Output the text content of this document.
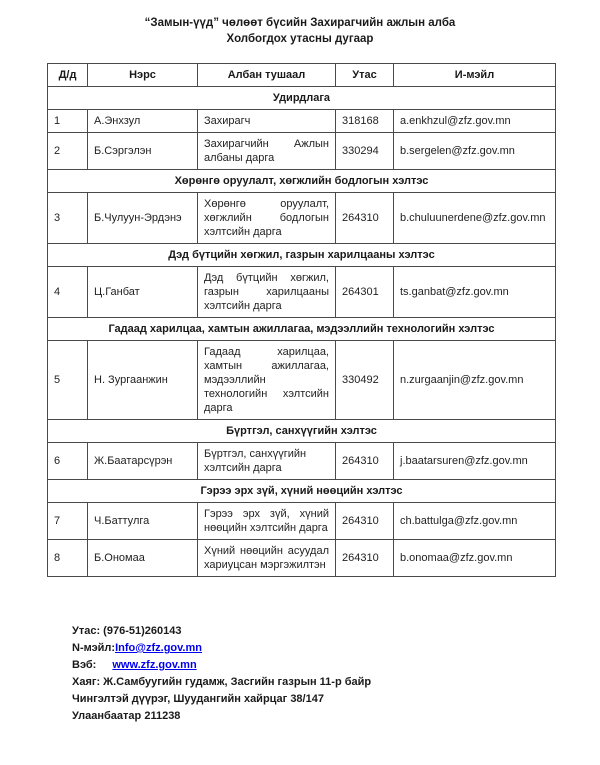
“Замын-үүд” чөлөөт бүсийн Захирагчийн ажлын алба
Холбогдох утасны дугаар
Д/д	Нэрс	Албан тушаал	Утас	И-мэйл
Удирдлага				
1	А.Энхзул	Захирагч	318168	a.enkhzul@zfz.gov.mn
2	Б.Сэргэлэн	Захирагчийн Ажлын албаны дарга	330294	b.sergelen@zfz.gov.mn
Хөрөнгө оруулалт, хөгжлийн бодлогын хэлтэс				
3	Б.Чулуун-Эрдэнэ	Хөрөнгө оруулалт, хөгжлийн бодлогын хэлтсийн дарга	264310	b.chuluunerdene@zfz.gov.mn
Дэд бүтцийн хөгжил, газрын харилцааны хэлтэс				
4	Ц.Ганбат	Дэд бүтцийн хөгжил, газрын харилцааны хэлтсийн дарга	264301	ts.ganbat@zfz.gov.mn
Гадаад харилцаа, хамтын ажиллагаа, мэдээллийн технологийн хэлтэс				
5	Н. Зургаанжин	Гадаад харилцаа, хамтын ажиллагаа, мэдээллийн технологийн хэлтсийн дарга	330492	n.zurgaanjin@zfz.gov.mn
Бүртгэл, санхүүгийн хэлтэс				
6	Ж.Баатарсүрэн	Бүртгэл, санхүүгийн хэлтсийн дарга	264310	j.baatarsuren@zfz.gov.mn
Гэрээ эрх зүй, хүний нөөцийн хэлтэс				
7	Ч.Баттулга	Гэрээ эрх зүй, хүний нөөцийн хэлтсийн дарга	264310	ch.battulga@zfz.gov.mn
8	Б.Ономаа	Хүний нөөцийн асуудал хариуцсан мэргэжилтэн	264310	b.onomaa@zfz.gov.mn
Утас: (976-51)260143
N-мэйл:Info@zfz.gov.mn
Вэб: www.zfz.gov.mn
Хаяг: Ж.Самбуугийн гудамж, Засгийн газрын 11-р байр
Чингэлтэй дүүрэг, Шуудангийн хайрцаг 38/147
Улаанбаатар 211238
